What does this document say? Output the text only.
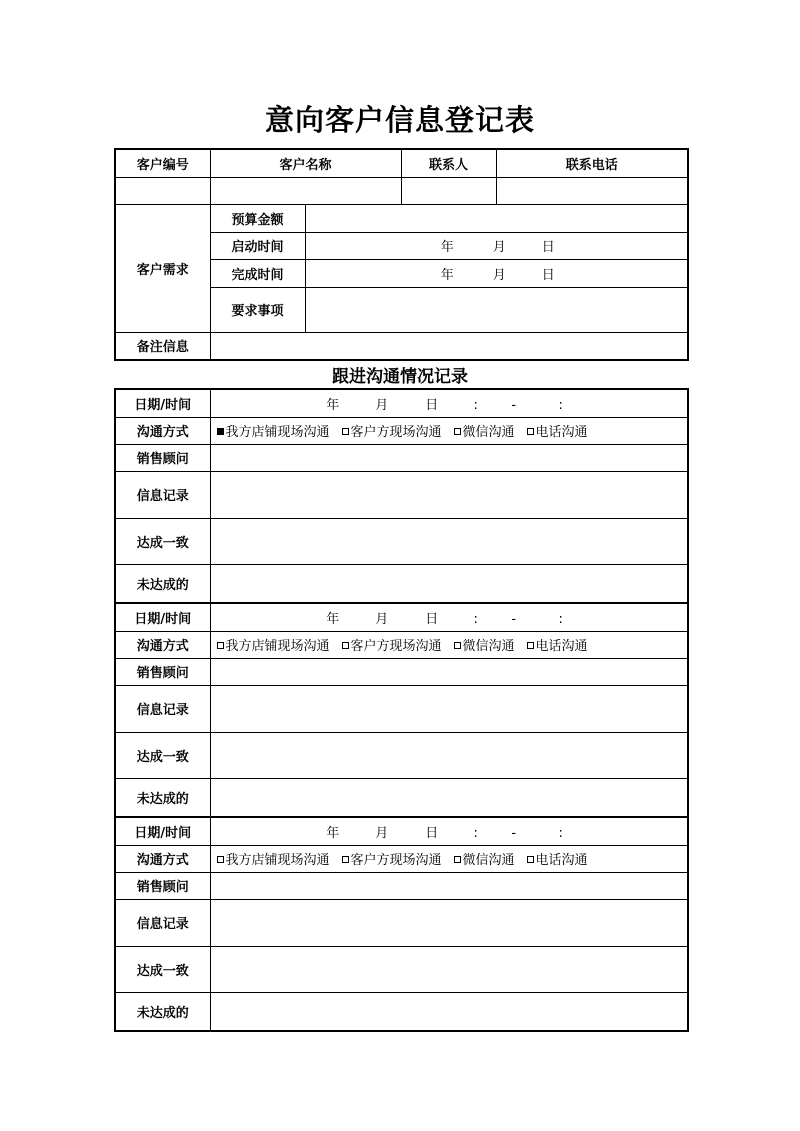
意向客户信息登记表
客户编号	客户名称		联系人	联系电话

客户需求	预算金额			
	启动时间	年 月 日		
	完成时间	年 月 日		
	要求事项			
备注信息				
跟进沟通情况记录
日期/时间	年 月 日 : - :
沟通方式	我方店铺现场沟通 客户方现场沟通 微信沟通 电话沟通
销售顾问	
信息记录	
达成一致	
未达成的	
日期/时间	年 月 日 : - :
沟通方式	我方店铺现场沟通 客户方现场沟通 微信沟通 电话沟通
销售顾问	
信息记录	
达成一致	
未达成的	
日期/时间	年 月 日 : - :
沟通方式	我方店铺现场沟通 客户方现场沟通 微信沟通 电话沟通
销售顾问	
信息记录	
达成一致	
未达成的	
